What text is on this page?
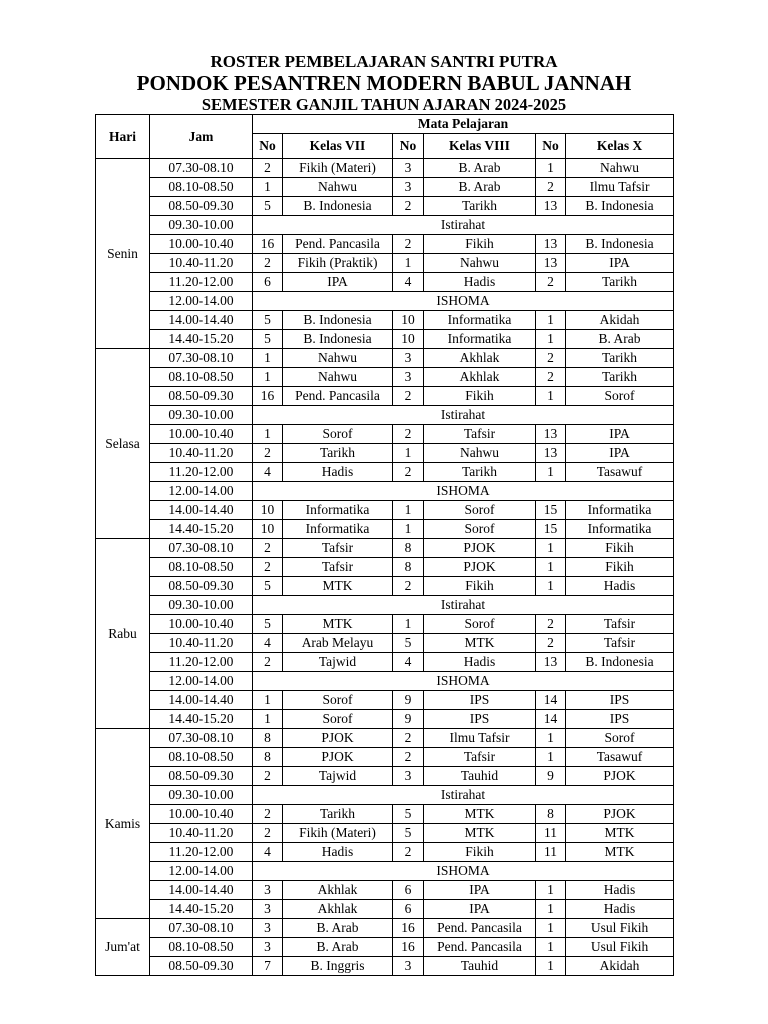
ROSTER PEMBELAJARAN SANTRI PUTRA
PONDOK PESANTREN MODERN BABUL JANNAH
SEMESTER GANJIL TAHUN AJARAN 2024-2025
Hari	Jam	Mata Pelajaran					
		No	Kelas VII	No	Kelas VIII	No	Kelas X
Senin	07.30-08.10	2	Fikih (Materi)	3	B. Arab	1	Nahwu
	08.10-08.50	1	Nahwu	3	B. Arab	2	Ilmu Tafsir
	08.50-09.30	5	B. Indonesia	2	Tarikh	13	B. Indonesia
	09.30-10.00	Istirahat					
	10.00-10.40	16	Pend. Pancasila	2	Fikih	13	B. Indonesia
	10.40-11.20	2	Fikih (Praktik)	1	Nahwu	13	IPA
	11.20-12.00	6	IPA	4	Hadis	2	Tarikh
	12.00-14.00	ISHOMA					
	14.00-14.40	5	B. Indonesia	10	Informatika	1	Akidah
	14.40-15.20	5	B. Indonesia	10	Informatika	1	B. Arab
Selasa	07.30-08.10	1	Nahwu	3	Akhlak	2	Tarikh
	08.10-08.50	1	Nahwu	3	Akhlak	2	Tarikh
	08.50-09.30	16	Pend. Pancasila	2	Fikih	1	Sorof
	09.30-10.00	Istirahat					
	10.00-10.40	1	Sorof	2	Tafsir	13	IPA
	10.40-11.20	2	Tarikh	1	Nahwu	13	IPA
	11.20-12.00	4	Hadis	2	Tarikh	1	Tasawuf
	12.00-14.00	ISHOMA					
	14.00-14.40	10	Informatika	1	Sorof	15	Informatika
	14.40-15.20	10	Informatika	1	Sorof	15	Informatika
Rabu	07.30-08.10	2	Tafsir	8	PJOK	1	Fikih
	08.10-08.50	2	Tafsir	8	PJOK	1	Fikih
	08.50-09.30	5	MTK	2	Fikih	1	Hadis
	09.30-10.00	Istirahat					
	10.00-10.40	5	MTK	1	Sorof	2	Tafsir
	10.40-11.20	4	Arab Melayu	5	MTK	2	Tafsir
	11.20-12.00	2	Tajwid	4	Hadis	13	B. Indonesia
	12.00-14.00	ISHOMA					
	14.00-14.40	1	Sorof	9	IPS	14	IPS
	14.40-15.20	1	Sorof	9	IPS	14	IPS
Kamis	07.30-08.10	8	PJOK	2	Ilmu Tafsir	1	Sorof
	08.10-08.50	8	PJOK	2	Tafsir	1	Tasawuf
	08.50-09.30	2	Tajwid	3	Tauhid	9	PJOK
	09.30-10.00	Istirahat					
	10.00-10.40	2	Tarikh	5	MTK	8	PJOK
	10.40-11.20	2	Fikih (Materi)	5	MTK	11	MTK
	11.20-12.00	4	Hadis	2	Fikih	11	MTK
	12.00-14.00	ISHOMA					
	14.00-14.40	3	Akhlak	6	IPA	1	Hadis
	14.40-15.20	3	Akhlak	6	IPA	1	Hadis
Jum'at	07.30-08.10	3	B. Arab	16	Pend. Pancasila	1	Usul Fikih
	08.10-08.50	3	B. Arab	16	Pend. Pancasila	1	Usul Fikih
	08.50-09.30	7	B. Inggris	3	Tauhid	1	Akidah
